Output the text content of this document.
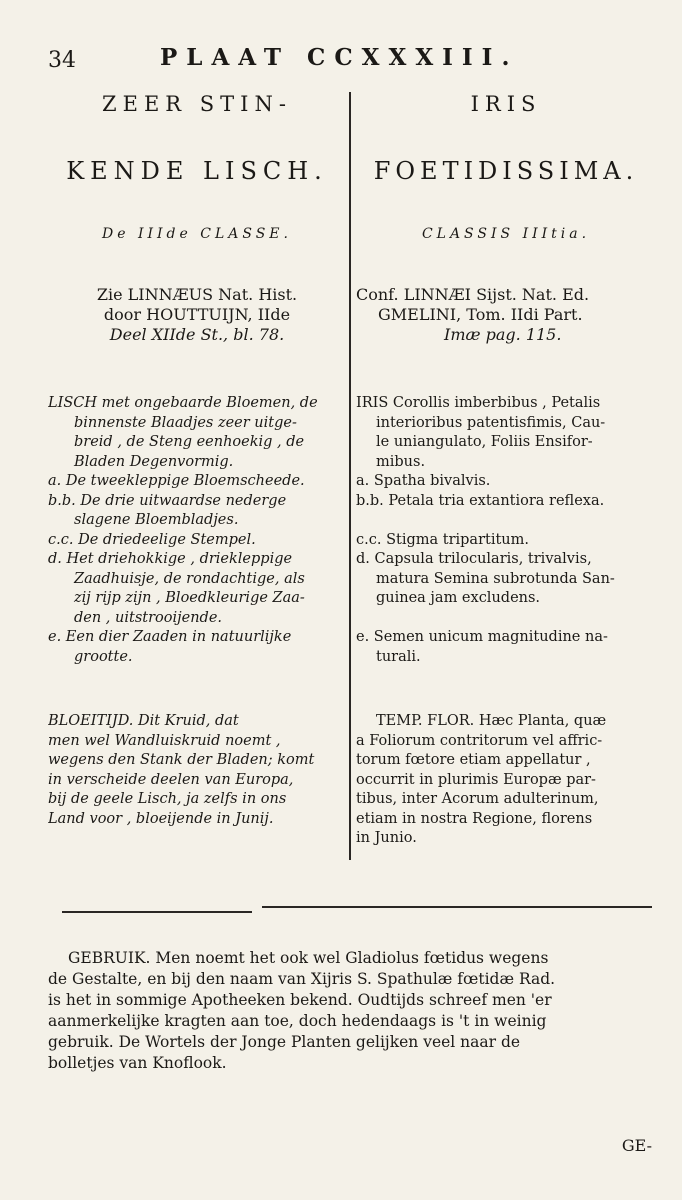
34	PLAAT CCXXXIII.
ZEER STIN-
KENDE LISCH.
De IIIde CLASSE.
Zie LINNÆUS Nat. Hist.
door HOUTTUIJN, IIde
Deel XIIde St., bl. 78.
LISCH met ongebaarde Bloemen, de
binnenste Blaadjes zeer uitge-
breid , de Steng eenhoekig , de
Bladen Degenvormig.
a. De tweekleppige Bloemscheede.
b.b. De drie uitwaardse nederge
slagene Bloembladjes.
c.c. De driedeelige Stempel.
d. Het driehokkige , driekleppige
Zaadhuisje, de rondachtige, als
zij rijp zijn , Bloedkleurige Zaa-
den , uitstrooijende.
e. Een dier Zaaden in natuurlijke
grootte.
BLOEITIJD. Dit Kruid, dat
men wel Wandluiskruid noemt ,
wegens den Stank der Bladen; komt
in verscheide deelen van Europa,
bij de geele Lisch, ja zelfs in ons
Land voor , bloeijende in Junij.
IRIS
FOETIDISSIMA.
CLASSIS IIItia.
Conf. LINNÆI Sijst. Nat. Ed.
GMELINI, Tom. IIdi Part.
Imæ pag. 115.
IRIS Corollis imberbibus , Petalis
interioribus patentisfimis, Cau-
le uniangulato, Foliis Ensifor-
mibus.
a. Spatha bivalvis.
b.b. Petala tria extantiora reflexa.
c.c. Stigma tripartitum.
d. Capsula trilocularis, trivalvis,
matura Semina subrotunda San-
guinea jam excludens.
e. Semen unicum magnitudine na-
turali.
TEMP. FLOR. Hæc Planta, quæ
a Foliorum contritorum vel affric-
torum fœtore etiam appellatur ,
occurrit in plurimis Europæ par-
tibus, inter Acorum adulterinum,
etiam in nostra Regione, florens
in Junio.
GEBRUIK. Men noemt het ook wel Gladiolus fœtidus wegens
de Gestalte, en bij den naam van Xijris S. Spathulæ fœtidæ Rad.
is het in sommige Apotheeken bekend. Oudtijds schreef men 'er
aanmerkelijke kragten aan toe, doch hedendaags is 't in weinig
gebruik. De Wortels der Jonge Planten gelijken veel naar de
bolletjes van Knoflook.
GE-
